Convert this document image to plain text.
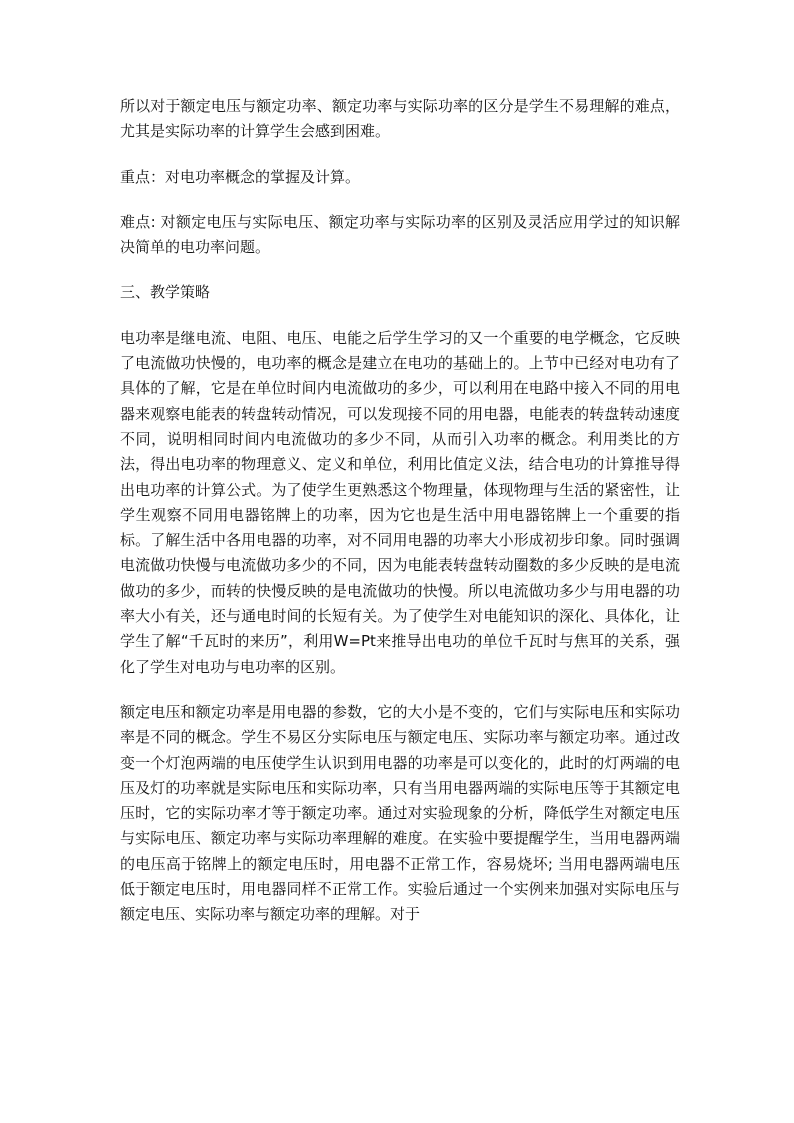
所以对于额定电压与额定功率、额定功率与实际功率的区分是学生不易理解的难点，尤其是实际功率的计算学生会感到困难。

重点：对电功率概念的掌握及计算。

难点: 对额定电压与实际电压、额定功率与实际功率的区别及灵活应用学过的知识解决简单的电功率问题。

三、教学策略

电功率是继电流、电阻、电压、电能之后学生学习的又一个重要的电学概念，它反映了电流做功快慢的，电功率的概念是建立在电功的基础上的。上节中已经对电功有了具体的了解，它是在单位时间内电流做功的多少，可以利用在电路中接入不同的用电器来观察电能表的转盘转动情况，可以发现接不同的用电器，电能表的转盘转动速度不同，说明相同时间内电流做功的多少不同，从而引入功率的概念。利用类比的方法，得出电功率的物理意义、定义和单位，利用比值定义法，结合电功的计算推导得出电功率的计算公式。为了使学生更熟悉这个物理量，体现物理与生活的紧密性，让学生观察不同用电器铭牌上的功率，因为它也是生活中用电器铭牌上一个重要的指标。了解生活中各用电器的功率，对不同用电器的功率大小形成初步印象。同时强调电流做功快慢与电流做功多少的不同，因为电能表转盘转动圈数的多少反映的是电流做功的多少，而转的快慢反映的是电流做功的快慢。所以电流做功多少与用电器的功率大小有关，还与通电时间的长短有关。为了使学生对电能知识的深化、具体化，让学生了解“千瓦时的来历”，利用W=Pt来推导出电功的单位千瓦时与焦耳的关系，强化了学生对电功与电功率的区别。

额定电压和额定功率是用电器的参数，它的大小是不变的，它们与实际电压和实际功率是不同的概念。学生不易区分实际电压与额定电压、实际功率与额定功率。通过改变一个灯泡两端的电压使学生认识到用电器的功率是可以变化的，此时的灯两端的电压及灯的功率就是实际电压和实际功率，只有当用电器两端的实际电压等于其额定电压时，它的实际功率才等于额定功率。通过对实验现象的分析，降低学生对额定电压与实际电压、额定功率与实际功率理解的难度。在实验中要提醒学生，当用电器两端的电压高于铭牌上的额定电压时，用电器不正常工作，容易烧坏; 当用电器两端电压低于额定电压时，用电器同样不正常工作。实验后通过一个实例来加强对实际电压与额定电压、实际功率与额定功率的理解。对于
